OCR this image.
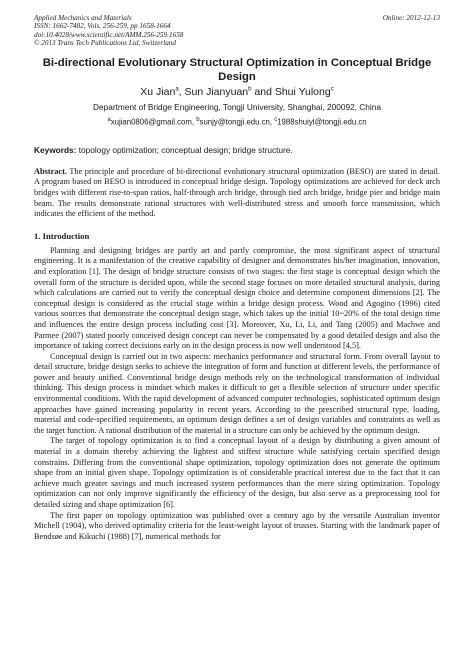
Applied Mechanics and Materials
ISSN: 1662-7482, Vols. 256-259, pp 1658-1664
doi:10.4028/www.scientific.net/AMM.256-259.1658
© 2013 Trans Tech Publications Ltd, Switzerland
Online: 2012-12-13
Bi-directional Evolutionary Structural Optimization in Conceptual Bridge Design
Xu Jian$^a$, Sun Jianyuan$^b$ and Shui Yulong$^c$
Department of Bridge Engineering, Tongji University, Shanghai, 200092, China
$^a$xujian0806@gmail.com, $^b$sunjy@tongji.edu.cn, $^c$1988shuiyl@tongji.edu.cn
Keywords: topology optimization; conceptual design; bridge structure.
Abstract. The principle and procedure of bi-directional evolutionary structural optimization (BESO) are stated in detail. A program based on BESO is introduced in conceptual bridge design. Topology optimizations are achieved for deck arch bridges with different rise-to-span ratios, half-through arch bridge, through tied arch bridge, bridge pier and bridge main beam. The results demonstrate rational structures with well-distributed stress and smooth force transmission, which indicates the efficient of the method.
1. Introduction

Planning and designing bridges are partly art and partly compromise, the most significant aspect of structural engineering. It is a manifestation of the creative capability of designer and demonstrates his/her imagination, innovation, and exploration [1]. The design of bridge structure consists of two stages: the first stage is conceptual design which the overall form of the structure is decided upon, while the second stage focuses on more detailed structural analysis, during which calculations are carried out to verify the conceptual design choice and determine component dimensions [2]. The conceptual design is considered as the crucial stage within a bridge design process. Wood and Agogino (1996) cited various sources that demonstrate the conceptual design stage, which takes up the initial 10~20% of the total design time and influences the entire design process including cost [3]. Moreover, Xu, Li, Li, and Tang (2005) and Machwe and Parmee (2007) stated poorly conceived design concept can never be compensated by a good detailed design and also the importance of taking correct decisions early on in the design process is now well understood [4,5].

Conceptual design is carried out in two aspects: mechanics performance and structural form. From overall layout to detail structure, bridge design seeks to achieve the integration of form and function at different levels, the performance of power and beauty unified. Conventional bridge design methods rely on the technological transformation of individual thinking. This design process is mindset which makes it difficult to get a flexible selection of structure under specific environmental conditions. With the rapid development of advanced computer technologies, sophisticated optimum design approaches have gained increasing popularity in recent years. According to the prescribed structural type, loading, material and code-specified requirements, an optimum design defines a set of design variables and constraints as well as the target function. A rational distribution of the material in a structure can only be achieved by the optimum design.

The target of topology optimization is to find a conceptual layout of a design by distributing a given amount of material in a domain thereby achieving the lightest and stiffest structure while satisfying certain specified design constrains. Differing from the conventional shape optimization, topology optimization does not generate the optimum shape from an initial given shape. Topology optimization is of considerable practical interest due to the fact that it can achieve much greater savings and much increased system performances than the mere sizing optimization. Topology optimization can not only improve significantly the efficiency of the design, but also serve as a preprocessing tool for detailed sizing and shape optimization [6].

The first paper on topology optimization was published over a century ago by the versatile Australian inventor Michell (1904), who derived optimality criteria for the least-weight layout of trusses. Starting with the landmark paper of Bendsøe and Kikuchi (1988) [7], numerical methods for
